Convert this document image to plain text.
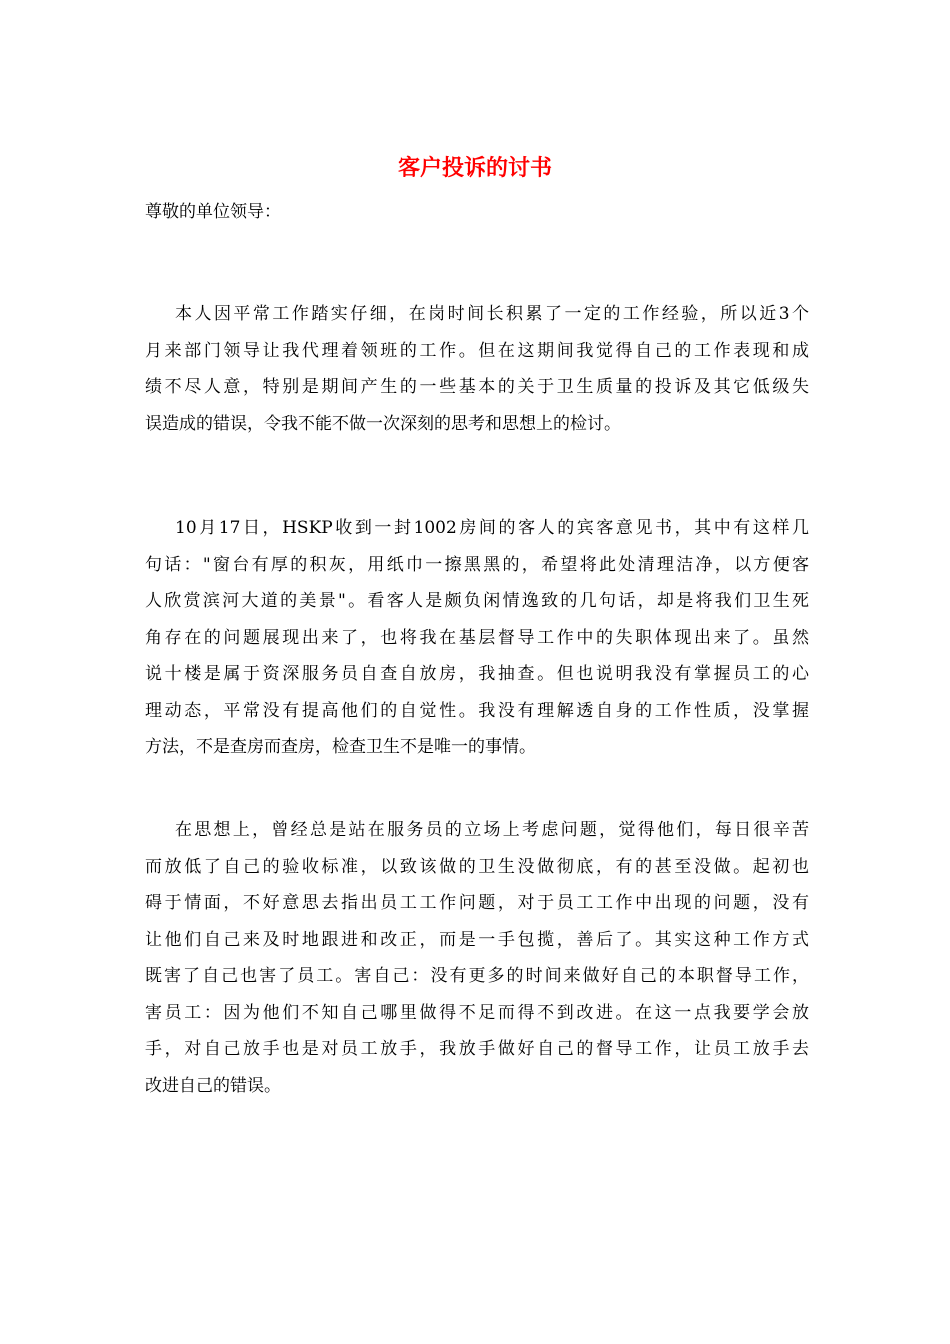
客户投诉的讨书

尊敬的单位领导：

本人因平常工作踏实仔细，在岗时间长积累了一定的工作经验，所以近3个
月来部门领导让我代理着领班的工作。但在这期间我觉得自己的工作表现和成
绩不尽人意，特别是期间产生的一些基本的关于卫生质量的投诉及其它低级失
误造成的错误，令我不能不做一次深刻的思考和思想上的检讨。
10月17日，HSKP收到一封1002房间的客人的宾客意见书，其中有这样几
句话："窗台有厚的积灰，用纸巾一擦黑黑的，希望将此处清理洁净，以方便客
人欣赏滨河大道的美景"。看客人是颇负闲情逸致的几句话，却是将我们卫生死
角存在的问题展现出来了，也将我在基层督导工作中的失职体现出来了。虽然
说十楼是属于资深服务员自查自放房，我抽查。但也说明我没有掌握员工的心
理动态，平常没有提高他们的自觉性。我没有理解透自身的工作性质，没掌握
方法，不是查房而查房，检查卫生不是唯一的事情。
在思想上，曾经总是站在服务员的立场上考虑问题，觉得他们，每日很辛苦
而放低了自己的验收标准，以致该做的卫生没做彻底，有的甚至没做。起初也
碍于情面，不好意思去指出员工工作问题，对于员工工作中出现的问题，没有
让他们自己来及时地跟进和改正，而是一手包揽，善后了。其实这种工作方式
既害了自己也害了员工。害自己：没有更多的时间来做好自己的本职督导工作，
害员工：因为他们不知自己哪里做得不足而得不到改进。在这一点我要学会放
手，对自己放手也是对员工放手，我放手做好自己的督导工作，让员工放手去
改进自己的错误。
